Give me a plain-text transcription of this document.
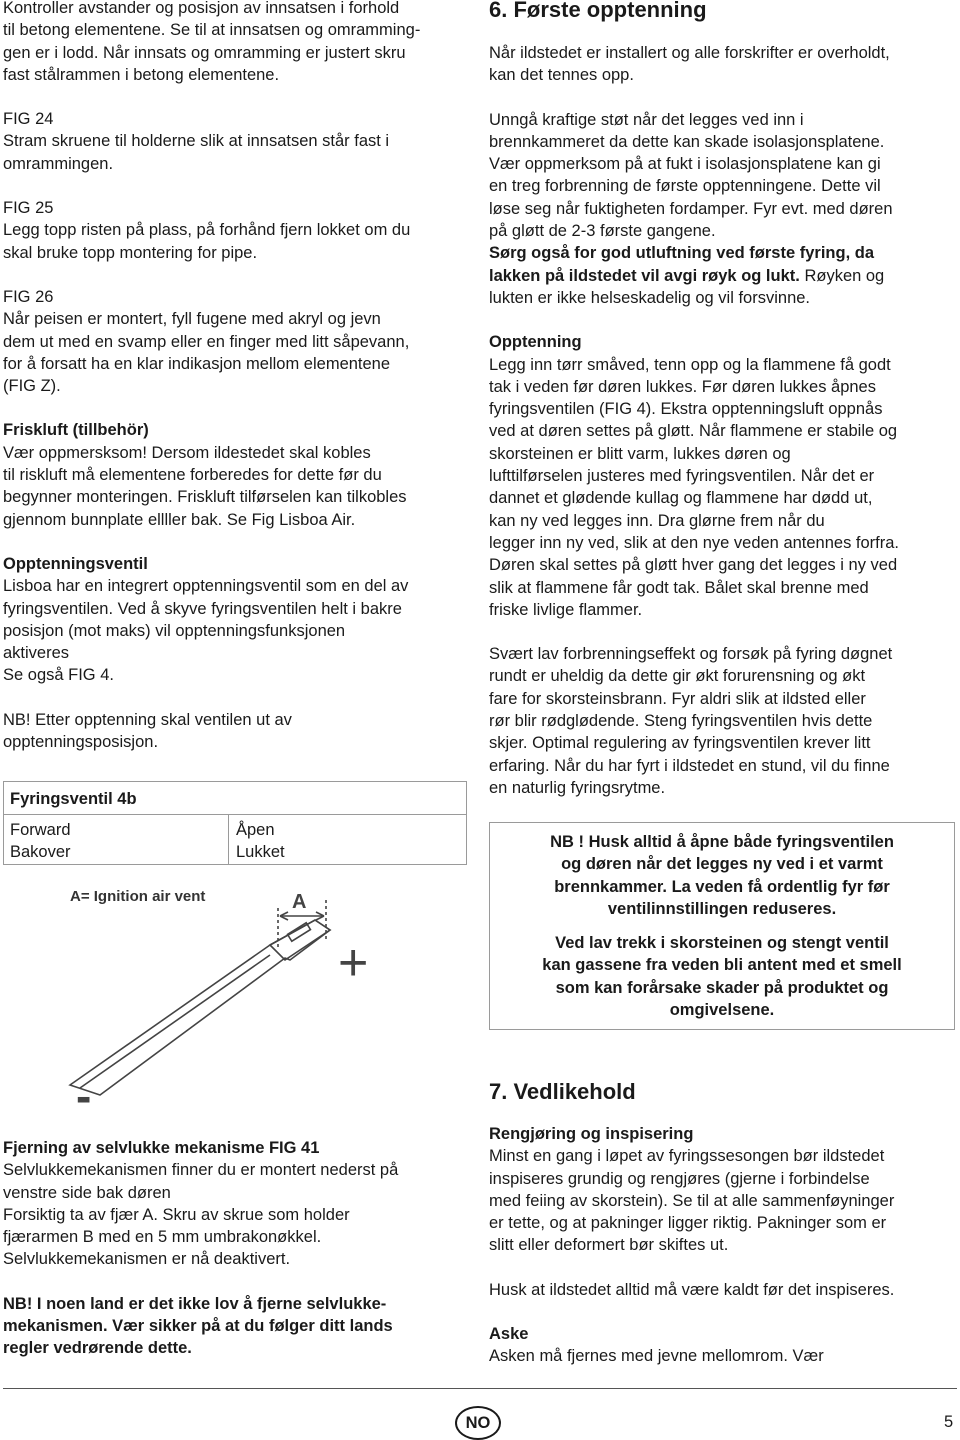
Kontroller avstander og posisjon av innsatsen i forhold
til betong elementene. Se til at innsatsen og omramming-
gen er i lodd. Når innsats og omramming er justert skru
fast stålrammen i betong elementene.

FIG 24

Stram skruene til holderne slik at innsatsen står fast i
omrammingen.

FIG 25

Legg topp risten på plass, på forhånd fjern lokket om du
skal bruke topp montering for pipe.

FIG 26

Når peisen er montert, fyll fugene med akryl og jevn
dem ut med en svamp eller en finger med litt såpevann,
for å forsatt ha en klar indikasjon mellom elementene
(FIG Z).

Friskluft (tillbehör)

Vær oppmersksom! Dersom ildestedet skal kobles
til riskluft må elementene forberedes for dette før du
begynner monteringen. Friskluft tilførselen kan tilkobles
gjennom bunnplate ellller bak. Se Fig Lisboa Air.

Opptenningsventil

Lisboa har en integrert opptenningsventil som en del av
fyringsventilen. Ved å skyve fyringsventilen helt i bakre
posisjon (mot maks) vil opptenningsfunksjonen
aktiveres
Se også FIG 4.

NB! Etter opptenning skal ventilen ut av
opptenningsposisjon.

Fyringsventil 4b
Forward
Bakover
Åpen
Lukket
A= Ignition air vent	A
+
-

Fjerning av selvlukke mekanisme FIG 41

Selvlukkemekanismen finner du er montert nederst på
venstre side bak døren
Forsiktig ta av fjær A. Skru av skrue som holder
fjærarmen B med en 5 mm umbrakonøkkel.
Selvlukkemekanismen er nå deaktivert.

NB! I noen land er det ikke lov å fjerne selvlukke-
mekanismen. Vær sikker på at du følger ditt lands
regler vedrørende dette.

6. Første opptenning

Når ildstedet er installert og alle forskrifter er overholdt,
kan det tennes opp.

Unngå kraftige støt når det legges ved inn i
brennkammeret da dette kan skade isolasjonsplatene.
Vær oppmerksom på at fukt i isolasjonsplatene kan gi
en treg forbrenning de første opptenningene. Dette vil
løse seg når fuktigheten fordamper. Fyr evt. med døren
på gløtt de 2-3 første gangene.

Sørg også for god utluftning ved første fyring, da
lakken på ildstedet vil avgi røyk og lukt. Røyken og
lukten er ikke helseskadelig og vil forsvinne.

Opptenning

Legg inn tørr småved, tenn opp og la flammene få godt
tak i veden før døren lukkes. Før døren lukkes åpnes
fyringsventilen (FIG 4). Ekstra opptenningsluft oppnås
ved at døren settes på gløtt. Når flammene er stabile og
skorsteinen er blitt varm, lukkes døren og
lufttilførselen justeres med fyringsventilen. Når det er
dannet et glødende kullag og flammene har dødd ut,
kan ny ved legges inn. Dra glørne frem når du
legger inn ny ved, slik at den nye veden antennes forfra.
Døren skal settes på gløtt hver gang det legges i ny ved
slik at flammene får godt tak. Bålet skal brenne med
friske livlige flammer.

Svært lav forbrenningseffekt og forsøk på fyring døgnet
rundt er uheldig da dette gir økt forurensning og økt
fare for skorsteinsbrann. Fyr aldri slik at ildsted eller
rør blir rødglødende. Steng fyringsventilen hvis dette
skjer. Optimal regulering av fyringsventilen krever litt
erfaring. Når du har fyrt i ildstedet en stund, vil du finne
en naturlig fyringsrytme.

NB ! Husk alltid å åpne både fyringsventilen
og døren når det legges ny ved i et varmt
brennkammer. La veden få ordentlig fyr før
ventilinnstillingen reduseres.

Ved lav trekk i skorsteinen og stengt ventil
kan gassene fra veden bli antent med et smell
som kan forårsake skader på produktet og
omgivelsene.

7. Vedlikehold

Rengjøring og inspisering

Minst en gang i løpet av fyringssesongen bør ildstedet
inspiseres grundig og rengjøres (gjerne i forbindelse
med feiing av skorstein). Se til at alle sammenføyninger
er tette, og at pakninger ligger riktig. Pakninger som er
slitt eller deformert bør skiftes ut.

Husk at ildstedet alltid må være kaldt før det inspiseres.

Aske

Asken må fjernes med jevne mellomrom. Vær

NO	5
